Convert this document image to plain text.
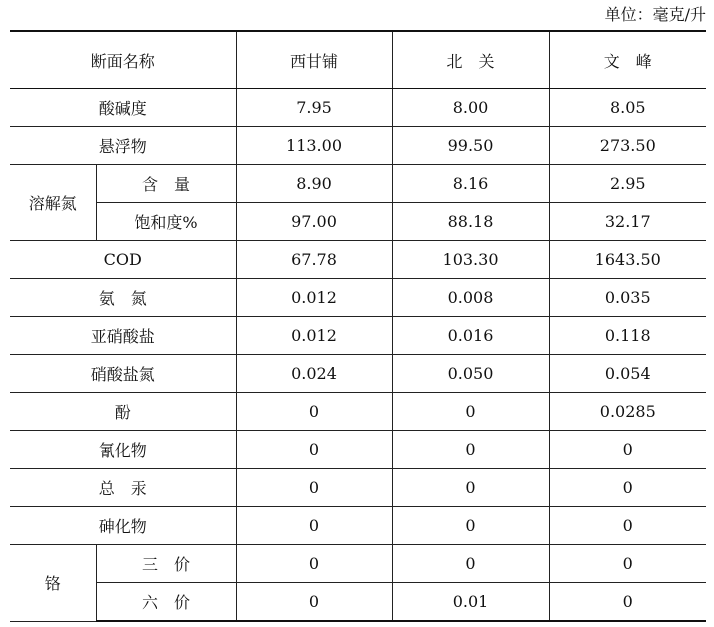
单位：毫克/升
断面名称		西甘铺	北　关	文　峰
酸碱度		7.95	8.00	8.05
悬浮物		113.00	99.50	273.50
溶解氮	含　量	8.90	8.16	2.95
	饱和度%	97.00	88.18	32.17
COD		67.78	103.30	1643.50
氨　氮		0.012	0.008	0.035
亚硝酸盐		0.012	0.016	0.118
硝酸盐氮		0.024	0.050	0.054
酚		0	0	0.0285
氰化物		0	0	0
总　汞		0	0	0
砷化物		0	0	0
铬	三　价	0	0	0
	六　价	0	0.01	0
